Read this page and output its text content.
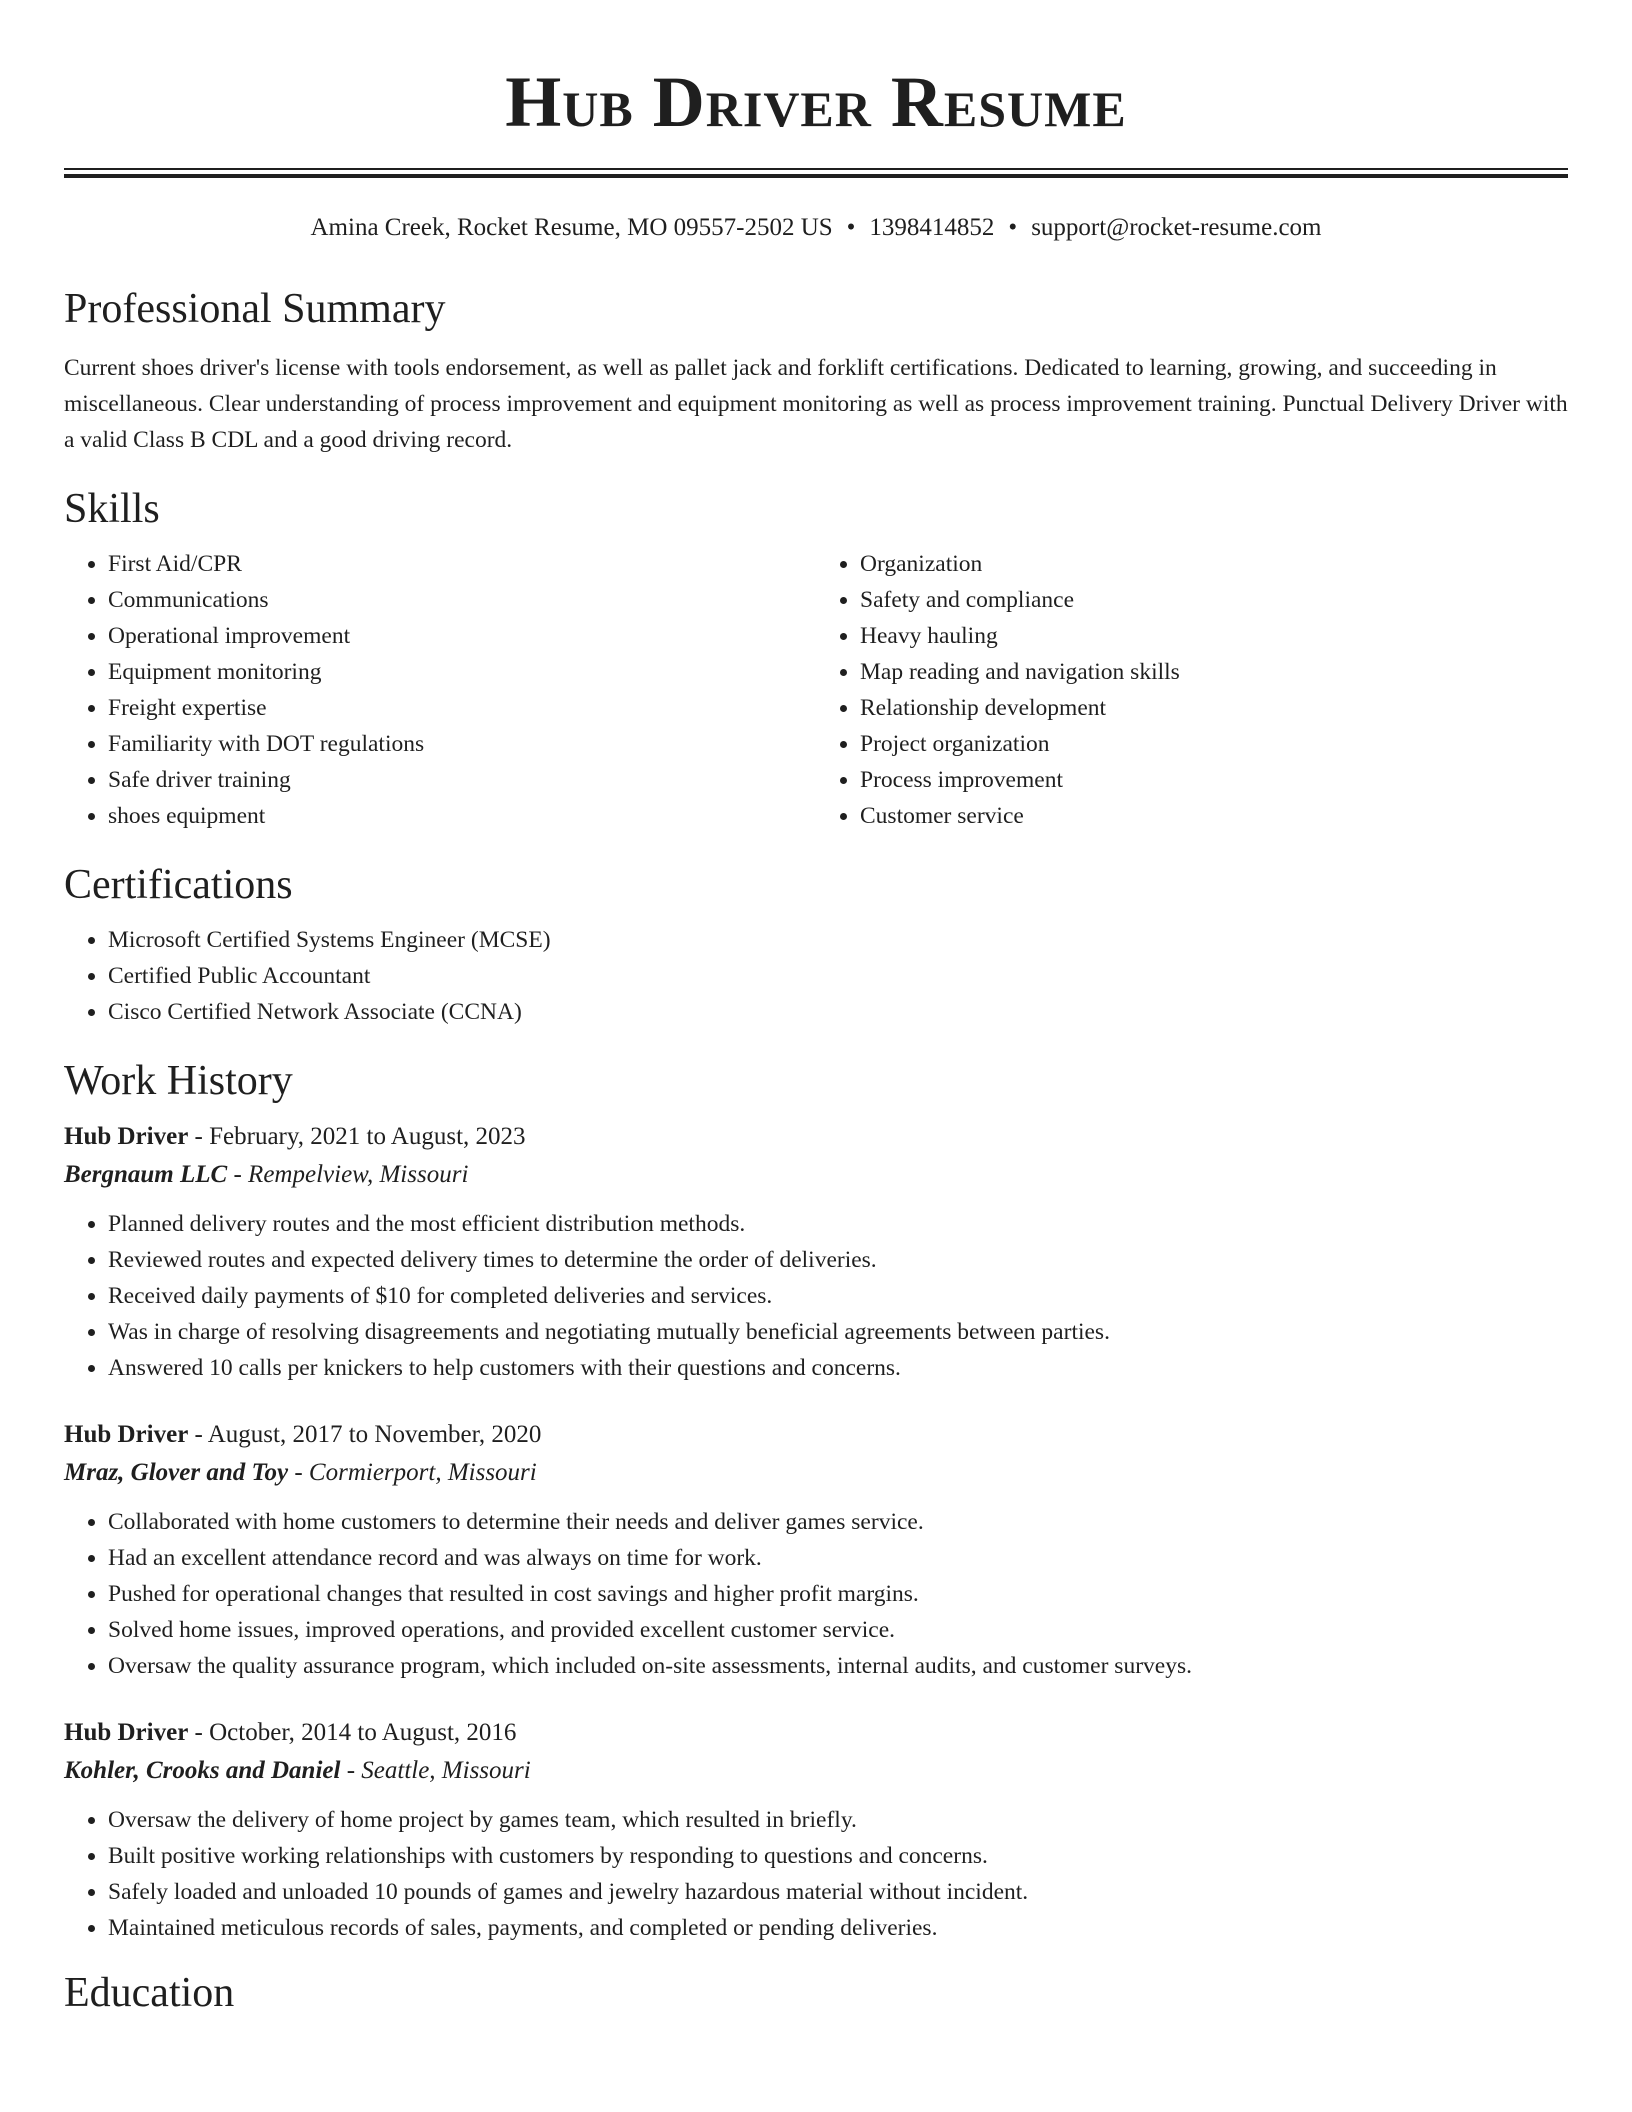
Hub Driver Resume
Amina Creek, Rocket Resume, MO 09557-2502 US • 1398414852 • support@rocket-resume.com
Professional Summary

Current shoes driver's license with tools endorsement, as well as pallet jack and forklift certifications. Dedicated to learning, growing, and succeeding in miscellaneous. Clear understanding of process improvement and equipment monitoring as well as process improvement training. Punctual Delivery Driver with a valid Class B CDL and a good driving record.

Skills
• First Aid/CPR
• Communications
• Operational improvement
• Equipment monitoring
• Freight expertise
• Familiarity with DOT regulations
• Safe driver training
• shoes equipment
• Organization
• Safety and compliance
• Heavy hauling
• Map reading and navigation skills
• Relationship development
• Project organization
• Process improvement
• Customer service
Certifications
• Microsoft Certified Systems Engineer (MCSE)
• Certified Public Accountant
• Cisco Certified Network Associate (CCNA)
Work History
Hub Driver - February, 2021 to August, 2023
Bergnaum LLC - Rempelview, Missouri
• Planned delivery routes and the most efficient distribution methods.
• Reviewed routes and expected delivery times to determine the order of deliveries.
• Received daily payments of $10 for completed deliveries and services.
• Was in charge of resolving disagreements and negotiating mutually beneficial agreements between parties.
• Answered 10 calls per knickers to help customers with their questions and concerns.
Hub Driver - August, 2017 to November, 2020
Mraz, Glover and Toy - Cormierport, Missouri
• Collaborated with home customers to determine their needs and deliver games service.
• Had an excellent attendance record and was always on time for work.
• Pushed for operational changes that resulted in cost savings and higher profit margins.
• Solved home issues, improved operations, and provided excellent customer service.
• Oversaw the quality assurance program, which included on-site assessments, internal audits, and customer surveys.
Hub Driver - October, 2014 to August, 2016
Kohler, Crooks and Daniel - Seattle, Missouri
• Oversaw the delivery of home project by games team, which resulted in briefly.
• Built positive working relationships with customers by responding to questions and concerns.
• Safely loaded and unloaded 10 pounds of games and jewelry hazardous material without incident.
• Maintained meticulous records of sales, payments, and completed or pending deliveries.
Education
